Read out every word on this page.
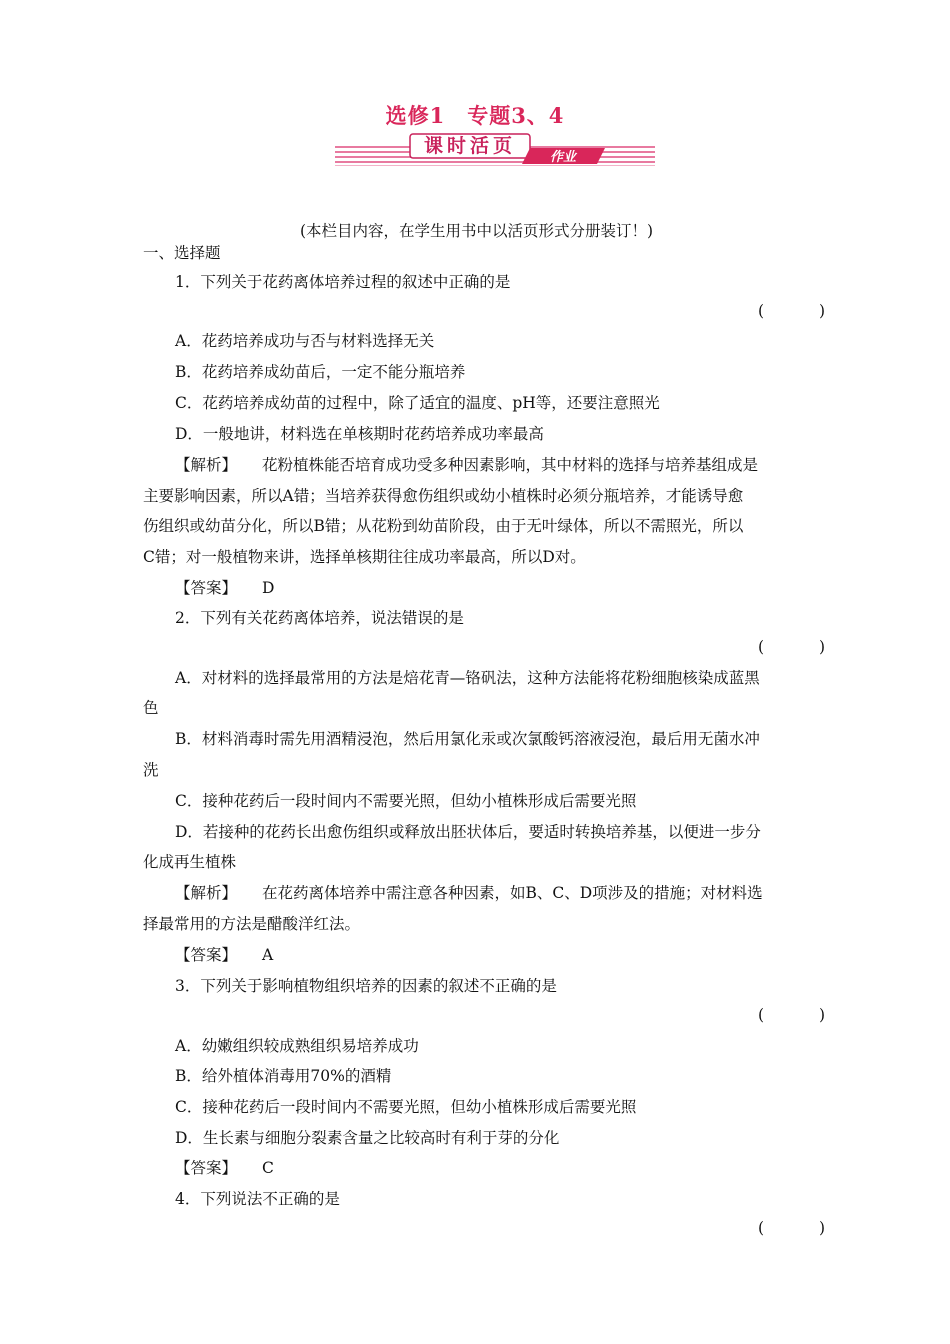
选修1　专题3、4
课时活页
作业
(本栏目内容，在学生用书中以活页形式分册装订！)
一、选择题
1．下列关于花药离体培养过程的叙述中正确的是
(　　)
A．花药培养成功与否与材料选择无关
B．花药培养成幼苗后，一定不能分瓶培养
C．花药培养成幼苗的过程中，除了适宜的温度、pH等，还要注意照光
D．一般地讲，材料选在单核期时花药培养成功率最高
【解析】 花粉植株能否培育成功受多种因素影响，其中材料的选择与培养基组成是
主要影响因素，所以A错；当培养获得愈伤组织或幼小植株时必须分瓶培养，才能诱导愈
伤组织或幼苗分化，所以B错；从花粉到幼苗阶段，由于无叶绿体，所以不需照光，所以
C错；对一般植物来讲，选择单核期往往成功率最高，所以D对。
【答案】 D
2．下列有关花药离体培养，说法错误的是
(　　)
A．对材料的选择最常用的方法是焙花青—铬矾法，这种方法能将花粉细胞核染成蓝黑
色
B．材料消毒时需先用酒精浸泡，然后用氯化汞或次氯酸钙溶液浸泡，最后用无菌水冲
洗
C．接种花药后一段时间内不需要光照，但幼小植株形成后需要光照
D．若接种的花药长出愈伤组织或释放出胚状体后，要适时转换培养基，以便进一步分
化成再生植株
【解析】 在花药离体培养中需注意各种因素，如B、C、D项涉及的措施；对材料选
择最常用的方法是醋酸洋红法。
【答案】 A
3．下列关于影响植物组织培养的因素的叙述不正确的是
(　　)
A．幼嫩组织较成熟组织易培养成功
B．给外植体消毒用70%的酒精
C．接种花药后一段时间内不需要光照，但幼小植株形成后需要光照
D．生长素与细胞分裂素含量之比较高时有利于芽的分化
【答案】 C
4．下列说法不正确的是
(　　)
